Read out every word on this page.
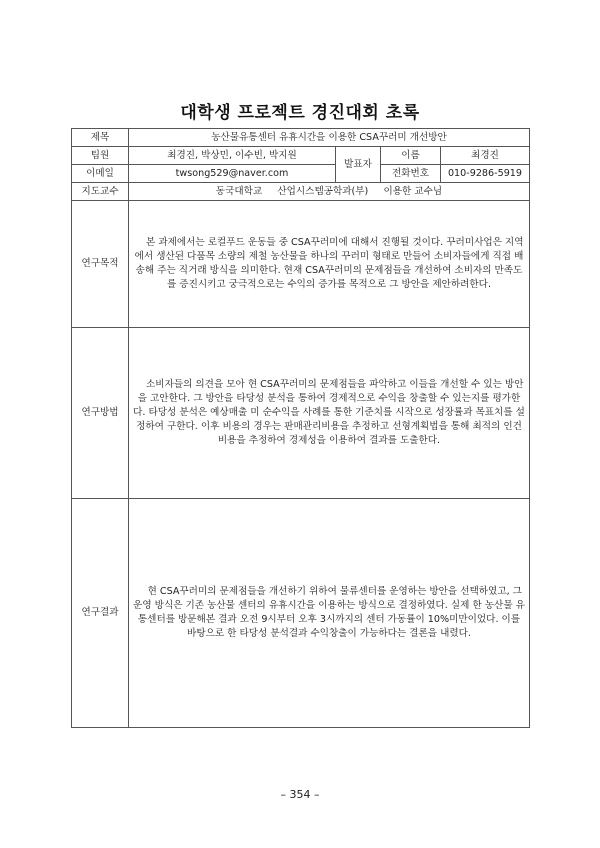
대학생 프로젝트 경진대회 초록
제목	농산물유통센터 유휴시간을 이용한 CSA꾸러미 개선방안			
팀원	최경진, 박상민, 이수빈, 박지원	발표자	이름	최경진
이메일	twsong529@naver.com		전화번호	010-9286-5919
지도교수	동국대학교     산업시스템공학과(부)     이용한 교수님			
연구목적	본 과제에서는 로컬푸드 운동들 중 CSA꾸러미에 대해서 진행될 것이다. 꾸러미사업은 지역에서 생산된 다품목 소량의 제철 농산물을 하나의 꾸러미 형태로 만들어 소비자들에게 직접 배송해 주는 직거래 방식을 의미한다. 현재 CSA꾸러미의 문제점들을 개선하여 소비자의 만족도를 증진시키고 궁극적으로는 수익의 증가를 목적으로 그 방안을 제안하려한다.			

연구방법	소비자들의 의견을 모아 현 CSA꾸러미의 문제점들을 파악하고 이들을 개선할 수 있는 방안을 고안한다. 그 방안을 타당성 분석을 통하여 경제적으로 수익을 창출할 수 있는지를 평가한다. 타당성 분석은 예상매출 미 순수익을 사례를 통한 기준치를 시작으로 성장률과 목표치를 설정하여 구한다. 이후 비용의 경우는 판매관리비용을 추정하고 선형계획법을 통해 최적의 인건비용을 추정하여 경제성을 이용하여 결과를 도출한다.			

연구결과	현 CSA꾸러미의 문제점들을 개선하기 위하여 물류센터를 운영하는 방안을 선택하였고, 그 운영 방식은 기존 농산물 센터의 유휴시간을 이용하는 방식으로 결정하였다. 실제 한 농산물 유통센터를 방문해본 결과 오전 9시부터 오후 3시까지의 센터 가동률이 10%미만이었다. 이를 바탕으로 한 타당성 분석결과 수익창출이 가능하다는 결론을 내렸다.			
– 354 –
